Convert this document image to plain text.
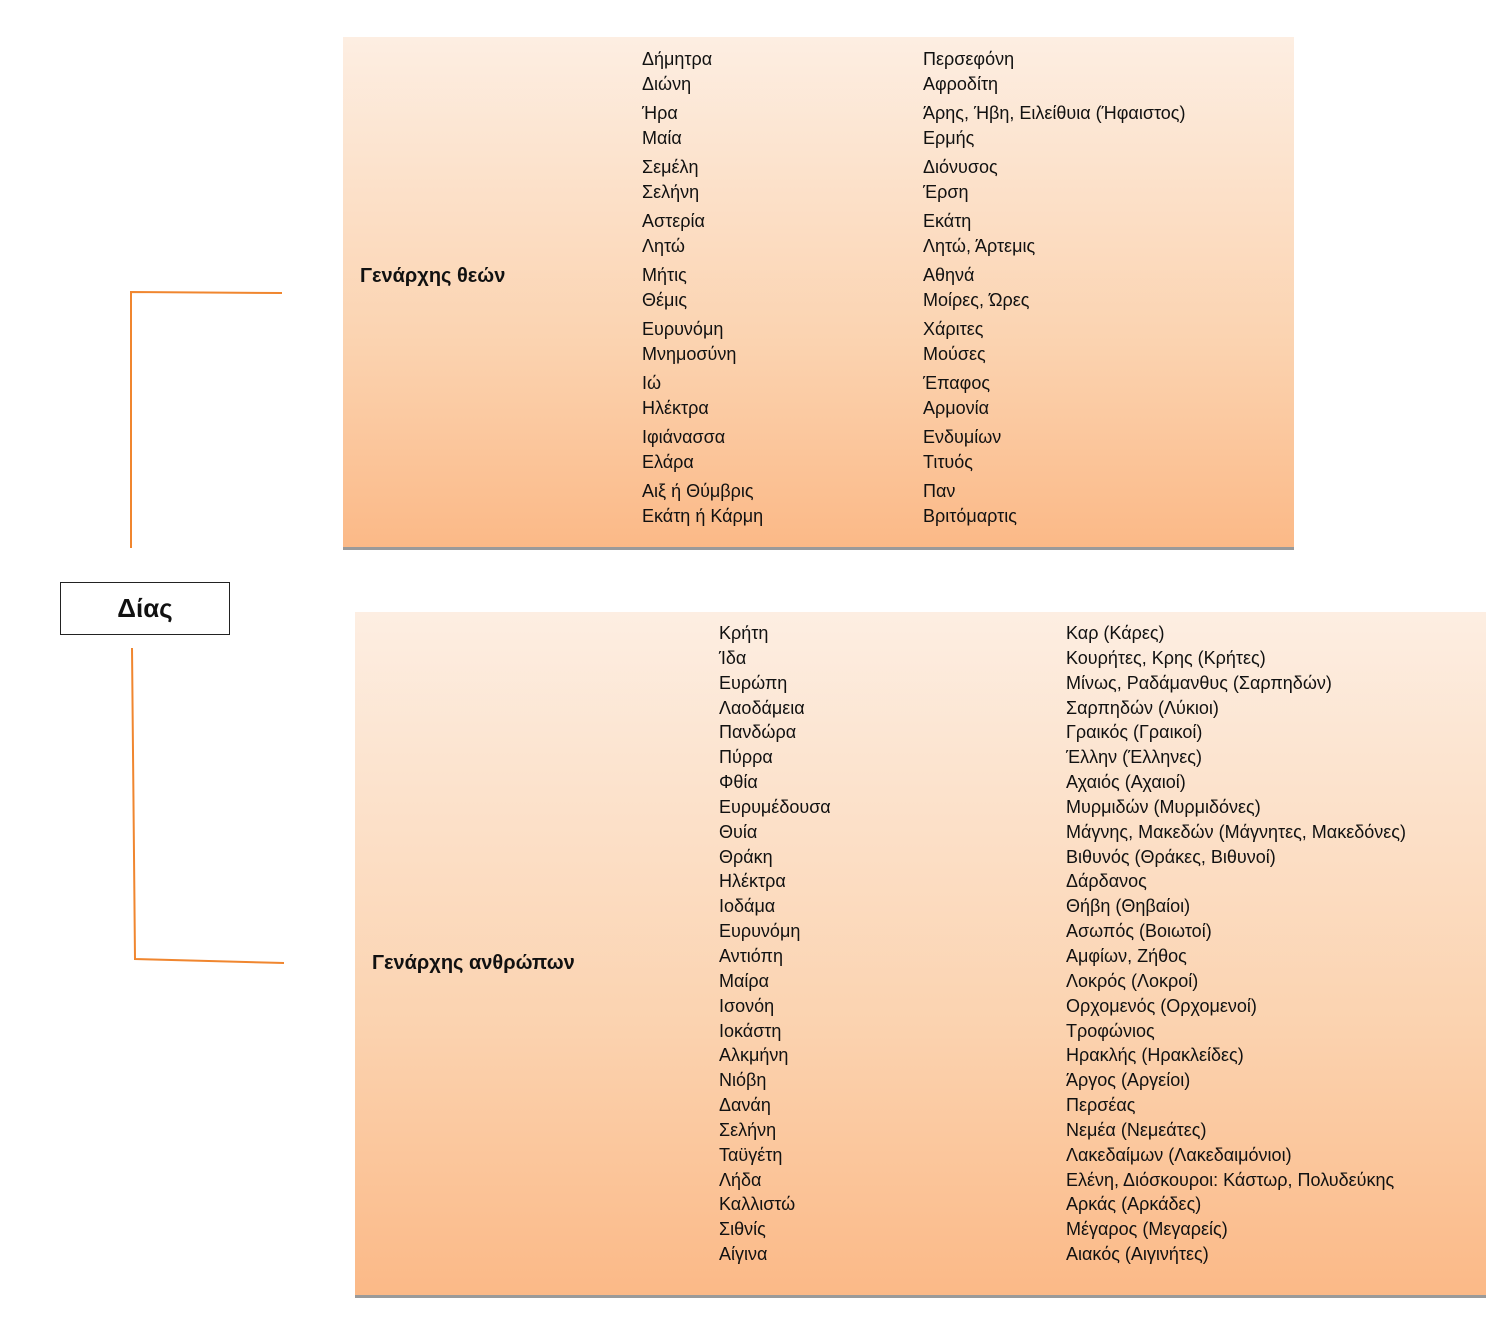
Δίας
Γενάρχης θεών
Δήμητρα
Διώνη
Ήρα
Μαία
Σεμέλη
Σελήνη
Αστερία
Λητώ
Μήτις
Θέμις
Ευρυνόμη
Μνημοσύνη
Ιώ
Ηλέκτρα
Ιφιάνασσα
Ελάρα
Αιξ ή Θύμβρις
Εκάτη ή Κάρμη
Περσεφόνη
Αφροδίτη
Άρης, Ήβη, Ειλείθυια (Ήφαιστος)
Ερμής
Διόνυσος
Έρση
Εκάτη
Λητώ, Άρτεμις
Αθηνά
Μοίρες, Ώρες
Χάριτες
Μούσες
Έπαφος
Αρμονία
Ενδυμίων
Τιτυός
Παν
Βριτόμαρτις
Γενάρχης ανθρώπων
Κρήτη
Ίδα
Ευρώπη
Λαοδάμεια
Πανδώρα
Πύρρα
Φθία
Ευρυμέδουσα
Θυία
Θράκη
Ηλέκτρα
Ιοδάμα
Ευρυνόμη
Αντιόπη
Μαίρα
Ισονόη
Ιοκάστη
Αλκμήνη
Νιόβη
Δανάη
Σελήνη
Ταϋγέτη
Λήδα
Καλλιστώ
Σιθνίς
Αίγινα
Καρ (Κάρες)
Κουρήτες, Κρης (Κρήτες)
Μίνως, Ραδάμανθυς (Σαρπηδών)
Σαρπηδών (Λύκιοι)
Γραικός (Γραικοί)
Έλλην (Έλληνες)
Αχαιός (Αχαιοί)
Μυρμιδών (Μυρμιδόνες)
Μάγνης, Μακεδών (Μάγνητες, Μακεδόνες)
Βιθυνός (Θράκες, Βιθυνοί)
Δάρδανος
Θήβη (Θηβαίοι)
Ασωπός (Βοιωτοί)
Αμφίων, Ζήθος
Λοκρός (Λοκροί)
Ορχομενός (Ορχομενοί)
Τροφώνιος
Ηρακλής (Ηρακλείδες)
Άργος (Αργείοι)
Περσέας
Νεμέα (Νεμεάτες)
Λακεδαίμων (Λακεδαιμόνιοι)
Ελένη, Διόσκουροι: Κάστωρ, Πολυδεύκης
Αρκάς (Αρκάδες)
Μέγαρος (Μεγαρείς)
Αιακός (Αιγινήτες)
